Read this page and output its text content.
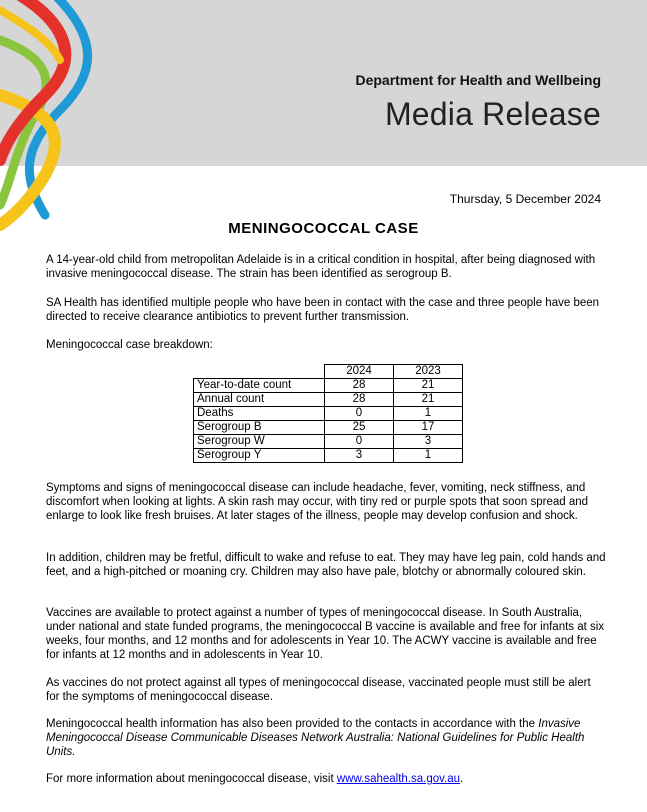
Department for Health and Wellbeing
Media Release
Thursday, 5 December 2024
MENINGOCOCCAL CASE

A 14-year-old child from metropolitan Adelaide is in a critical condition in hospital, after being diagnosed with invasive meningococcal disease. The strain has been identified as serogroup B.

SA Health has identified multiple people who have been in contact with the case and three people have been directed to receive clearance antibiotics to prevent further transmission.

Meningococcal case breakdown:

	2024	2023
Year-to-date count	28	21
Annual count	28	21
Deaths	0	1
Serogroup B	25	17
Serogroup W	0	3
Serogroup Y	3	1

Symptoms and signs of meningococcal disease can include headache, fever, vomiting, neck stiffness, and discomfort when looking at lights. A skin rash may occur, with tiny red or purple spots that soon spread and enlarge to look like fresh bruises. At later stages of the illness, people may develop confusion and shock.

In addition, children may be fretful, difficult to wake and refuse to eat. They may have leg pain, cold hands and feet, and a high-pitched or moaning cry. Children may also have pale, blotchy or abnormally coloured skin.

Vaccines are available to protect against a number of types of meningococcal disease. In South Australia, under national and state funded programs, the meningococcal B vaccine is available and free for infants at six weeks, four months, and 12 months and for adolescents in Year 10. The ACWY vaccine is available and free for infants at 12 months and in adolescents in Year 10.

As vaccines do not protect against all types of meningococcal disease, vaccinated people must still be alert for the symptoms of meningococcal disease.

Meningococcal health information has also been provided to the contacts in accordance with the Invasive Meningococcal Disease Communicable Diseases Network Australia: National Guidelines for Public Health Units.

For more information about meningococcal disease, visit www.sahealth.sa.gov.au.
